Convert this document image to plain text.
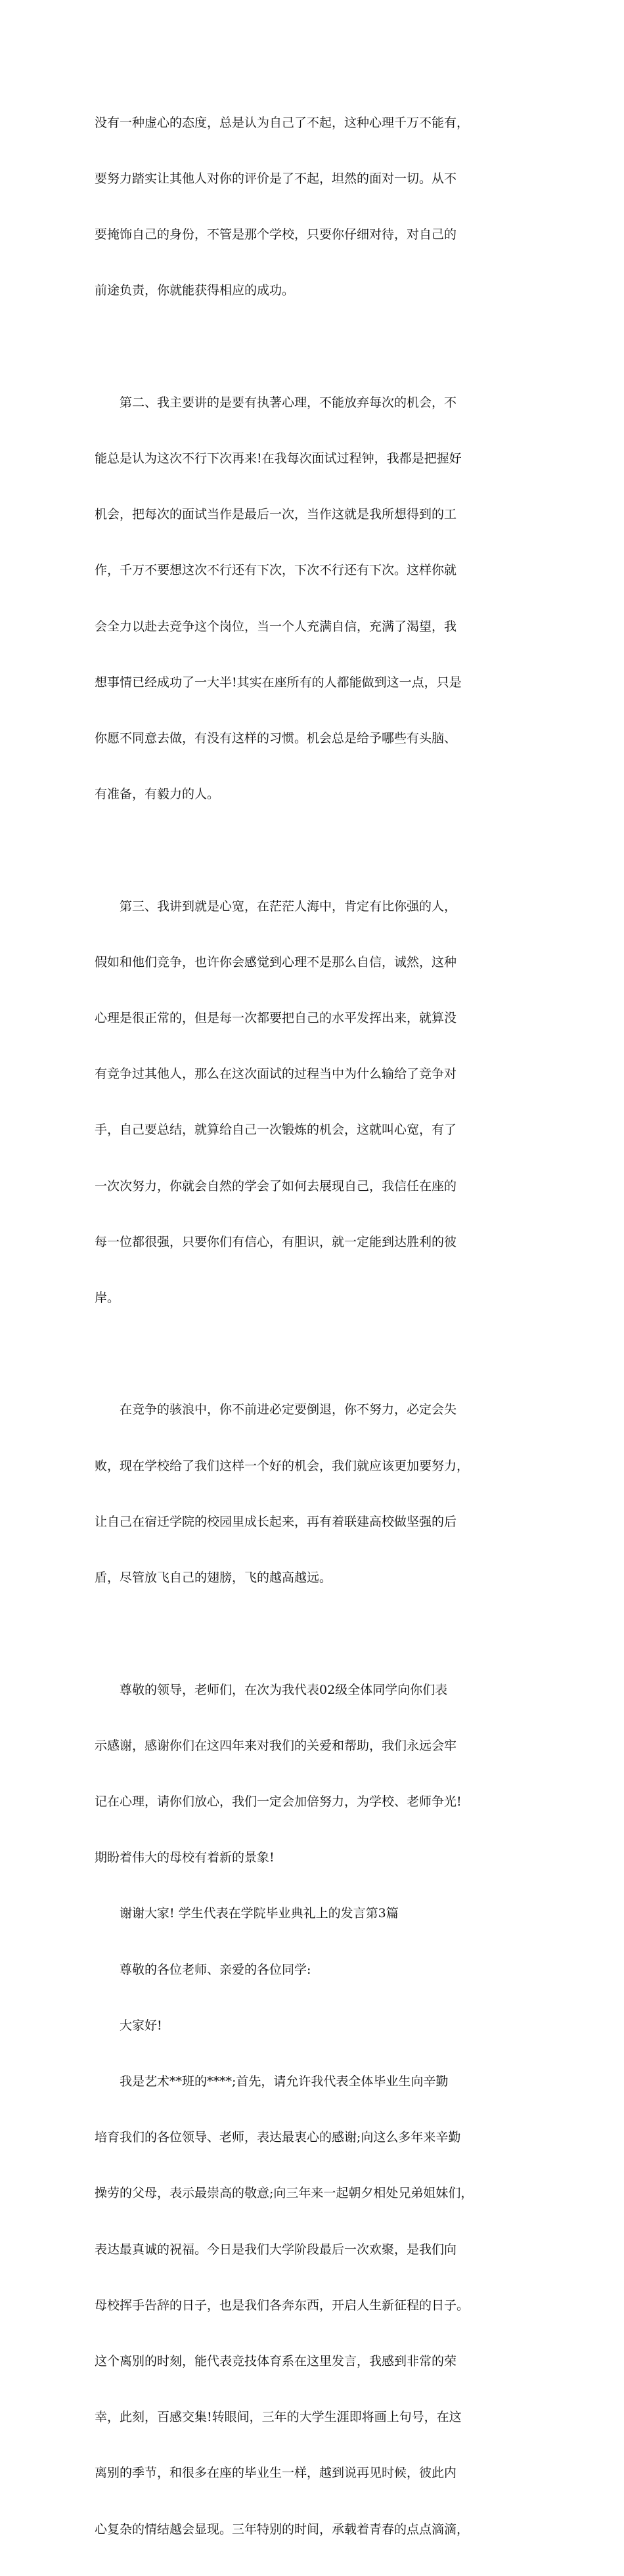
没有一种虚心的态度，总是认为自己了不起，这种心理千万不能有，

要努力踏实让其他人对你的评价是了不起，坦然的面对一切。从不

要掩饰自己的身份，不管是那个学校，只要你仔细对待，对自己的

前途负责，你就能获得相应的成功。

　　第二、我主要讲的是要有执著心理，不能放弃每次的机会，不

能总是认为这次不行下次再来!在我每次面试过程钟，我都是把握好

机会，把每次的面试当作是最后一次，当作这就是我所想得到的工

作，千万不要想这次不行还有下次，下次不行还有下次。这样你就

会全力以赴去竞争这个岗位，当一个人充满自信，充满了渴望，我

想事情已经成功了一大半!其实在座所有的人都能做到这一点，只是

你愿不同意去做，有没有这样的习惯。机会总是给予哪些有头脑、

有准备，有毅力的人。

　　第三、我讲到就是心宽，在茫茫人海中，肯定有比你强的人，

假如和他们竞争，也许你会感觉到心理不是那么自信，诚然，这种

心理是很正常的，但是每一次都要把自己的水平发挥出来，就算没

有竞争过其他人，那么在这次面试的过程当中为什么输给了竞争对

手，自己要总结，就算给自己一次锻炼的机会，这就叫心宽，有了

一次次努力，你就会自然的学会了如何去展现自己，我信任在座的

每一位都很强，只要你们有信心，有胆识，就一定能到达胜利的彼

岸。

　　在竞争的骇浪中，你不前进必定要倒退，你不努力，必定会失

败，现在学校给了我们这样一个好的机会，我们就应该更加要努力，

让自己在宿迁学院的校园里成长起来，再有着联建高校做坚强的后

盾，尽管放飞自己的翅膀，飞的越高越远。

　　尊敬的领导，老师们，在次为我代表02级全体同学向你们表

示感谢，感谢你们在这四年来对我们的关爱和帮助，我们永远会牢

记在心理，请你们放心，我们一定会加倍努力，为学校、老师争光!

期盼着伟大的母校有着新的景象!

　　谢谢大家! 学生代表在学院毕业典礼上的发言第3篇

　　尊敬的各位老师、亲爱的各位同学:

　　大家好!

　　我是艺术**班的****;首先，请允许我代表全体毕业生向辛勤

培育我们的各位领导、老师，表达最衷心的感谢;向这么多年来辛勤

操劳的父母，表示最崇高的敬意;向三年来一起朝夕相处兄弟姐妹们，

表达最真诚的祝福。今日是我们大学阶段最后一次欢聚，是我们向

母校挥手告辞的日子，也是我们各奔东西，开启人生新征程的日子。

这个离别的时刻，能代表竞技体育系在这里发言，我感到非常的荣

幸，此刻，百感交集!转眼间，三年的大学生涯即将画上句号，在这

离别的季节，和很多在座的毕业生一样，越到说再见时候，彼此内

心复杂的情结越会显现。三年特别的时间，承载着青春的点点滴滴，
